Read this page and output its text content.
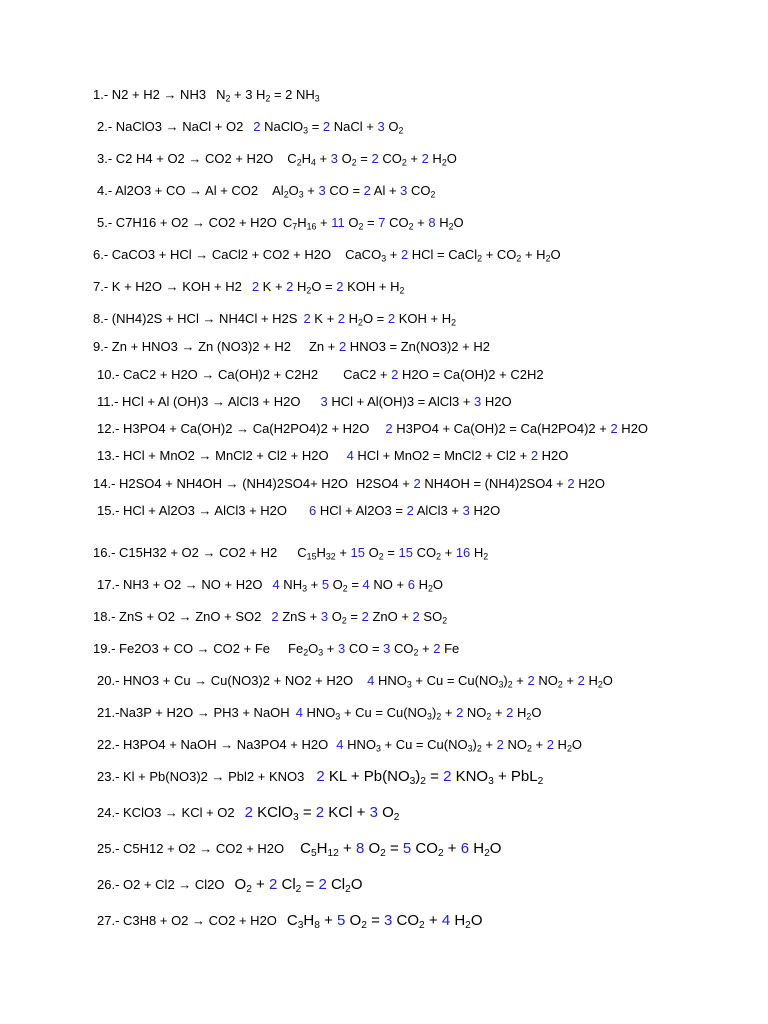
1.- N2 + H2 → NH3 $N_2 + 3$ $H_2 = 2$ $NH_3$
2.- NaClO3 → NaCl + O2 2 NaClO$_3$ = 2 NaCl + 3 $O_2$
3.- C2 H4 + O2 → CO2 + H2O $C_2H_4 + 3$ $O_2 = 2$ $CO_2 + 2$ $H_2O$
4.- Al2O3 + CO → Al + CO2 $Al_2O_3 + 3$ CO = 2 Al + 3 $CO_2$
5.- C7H16 + O2 → CO2 + H2O $C_7H_{16} + 11$ $O_2 = 7$ $CO_2 + 8$ $H_2O$
6.- CaCO3 + HCl → CaCl2 + CO2 + H2O CaCO$_3$ + 2 HCl = CaCl$_2$ + $CO_2 + H_2O$
7.- K + H2O → KOH + H2 2 K + 2 $H_2O = 2$ KOH + $H_2$
8.- (NH4)2S + HCl → NH4Cl + H2S 2 K + 2 $H_2O = 2$ KOH + $H_2$
9.- Zn + HNO3 → Zn (NO3)2 + H2 Zn + 2 HNO3 = Zn(NO3)2 + H2
10.- CaC2 + H2O → Ca(OH)2 + C2H2 CaC2 + 2 H2O = Ca(OH)2 + C2H2
11.- HCl + Al (OH)3 → AlCl3 + H2O 3 HCl + Al(OH)3 = AlCl3 + 3 H2O
12.- H3PO4 + Ca(OH)2 → Ca(H2PO4)2 + H2O 2 H3PO4 + Ca(OH)2 = Ca(H2PO4)2 + 2 H2O
13.- HCl + MnO2 → MnCl2 + Cl2 + H2O 4 HCl + MnO2 = MnCl2 + Cl2 + 2 H2O
14.- H2SO4 + NH4OH → (NH4)2SO4+ H2O H2SO4 + 2 NH4OH = (NH4)2SO4 + 2 H2O
15.- HCl + Al2O3 → AlCl3 + H2O 6 HCl + Al2O3 = 2 AlCl3 + 3 H2O
16.- C15H32 + O2 → CO2 + H2 $C_{15}H_{32} + 15$ $O_2 = 15$ $CO_2 + 16$ $H_2$
17.- NH3 + O2 → NO + H2O 4 $NH_3 + 5$ $O_2 = 4$ NO + 6 $H_2O$
18.- ZnS + O2 → ZnO + SO2 2 ZnS + 3 $O_2 = 2$ ZnO + 2 $SO_2$
19.- Fe2O3 + CO → CO2 + Fe $Fe_2O_3 + 3$ CO = 3 $CO_2 + 2$ Fe
20.- HNO3 + Cu → Cu(NO3)2 + NO2 + H2O 4 $HNO_3 + Cu = Cu(NO_3)_2 + 2$ $NO_2 + 2$ $H_2O$
21.-Na3P + H2O → PH3 + NaOH 4 $HNO_3 + Cu = Cu(NO_3)_2 + 2$ $NO_2 + 2$ $H_2O$
22.- H3PO4 + NaOH → Na3PO4 + H2O 4 $HNO_3 + Cu = Cu(NO_3)_2 + 2$ $NO_2 + 2$ $H_2O$
23.- Kl + Pb(NO3)2 → Pbl2 + KNO3 2 KL + $Pb(NO_3)_2 = 2$ $KNO_3 + PbL_2$
24.- KClO3 → KCl + O2 2 KClO$_3$ = 2 KCl + 3 $O_2$
25.- C5H12 + O2 → CO2 + H2O $C_5H_{12} + 8$ $O_2 = 5$ $CO_2 + 6$ $H_2O$
26.- O2 + Cl2 → Cl2O $O_2 + 2$ $Cl_2 = 2$ $Cl_2O$
27.- C3H8 + O2 → CO2 + H2O $C_3H_8 + 5$ $O_2 = 3$ $CO_2 + 4$ $H_2O$
